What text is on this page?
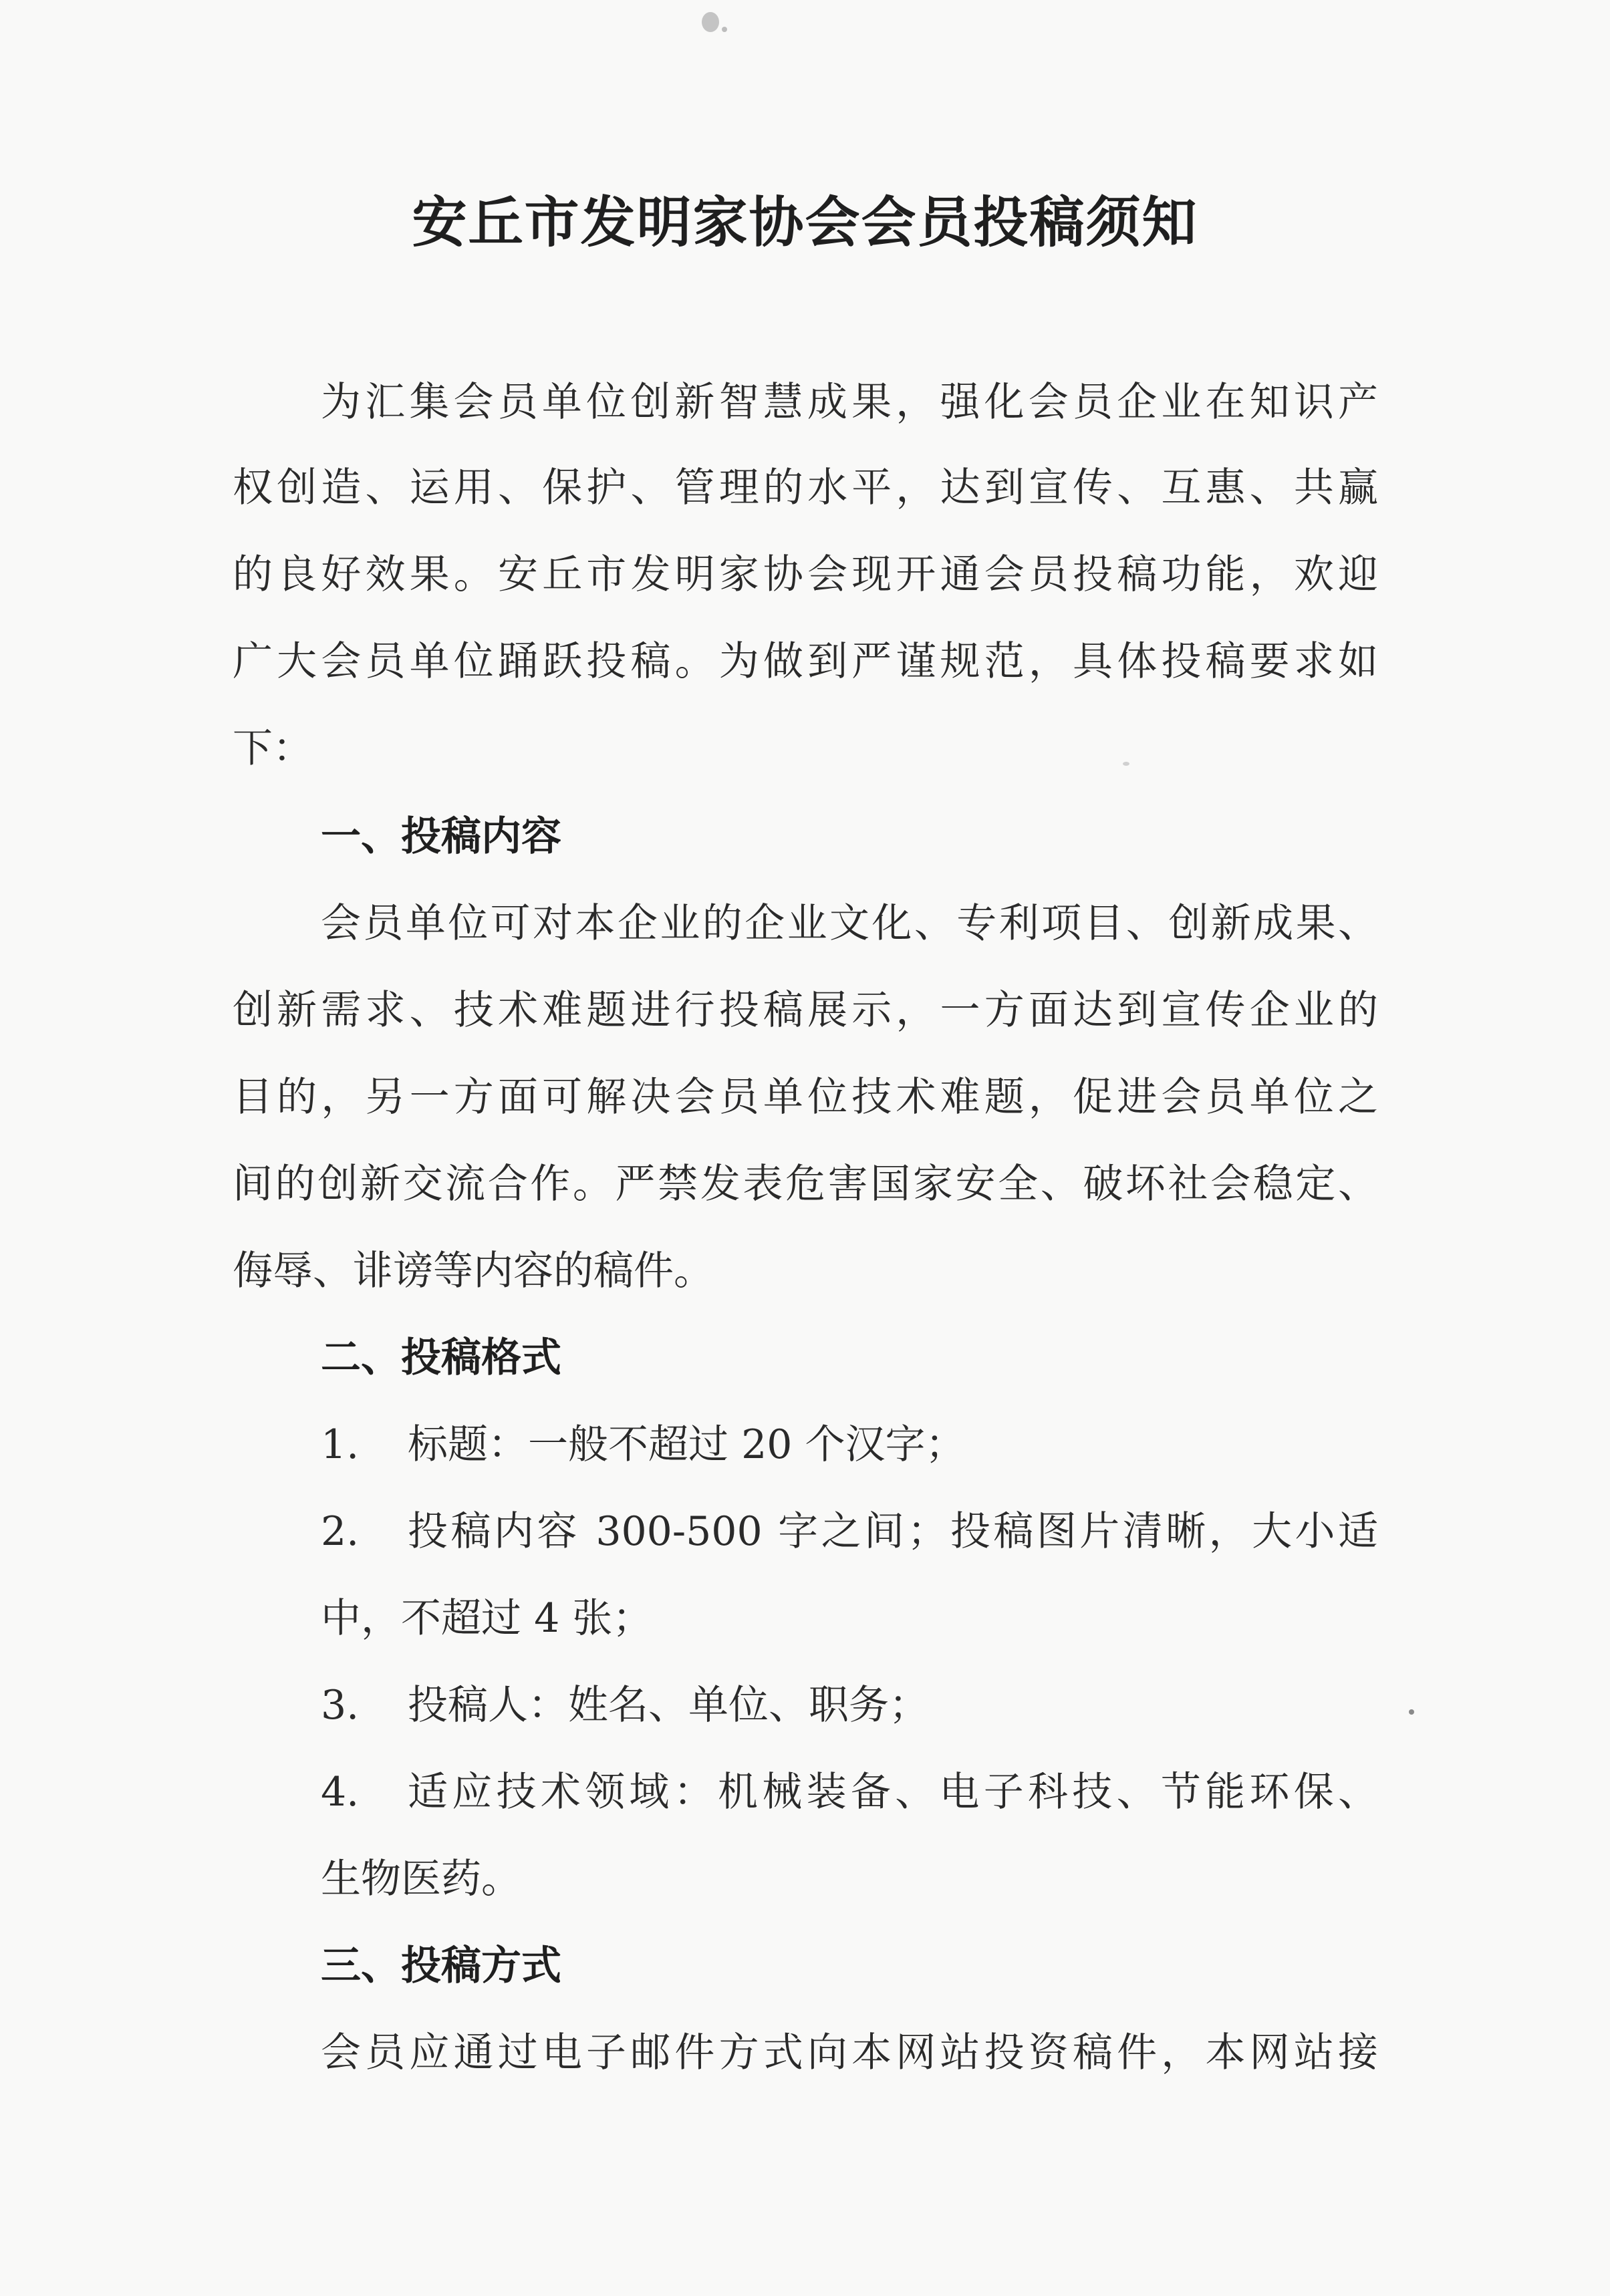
安丘市发明家协会会员投稿须知
为汇集会员单位创新智慧成果，强化会员企业在知识产
权创造、运用、保护、管理的水平，达到宣传、互惠、共赢
的良好效果。安丘市发明家协会现开通会员投稿功能，欢迎
广大会员单位踊跃投稿。为做到严谨规范，具体投稿要求如
下：
一、投稿内容
会员单位可对本企业的企业文化、专利项目、创新成果、
创新需求、技术难题进行投稿展示，一方面达到宣传企业的
目的，另一方面可解决会员单位技术难题，促进会员单位之
间的创新交流合作。严禁发表危害国家安全、破坏社会稳定、
侮辱、诽谤等内容的稿件。
二、投稿格式
1. 标题：一般不超过 20 个汉字；
2. 投稿内容 300-500 字之间；投稿图片清晰，大小适
中，不超过 4 张；
3. 投稿人：姓名、单位、职务；
4. 适应技术领域：机械装备、电子科技、节能环保、
生物医药。
三、投稿方式
会员应通过电子邮件方式向本网站投资稿件，本网站接
